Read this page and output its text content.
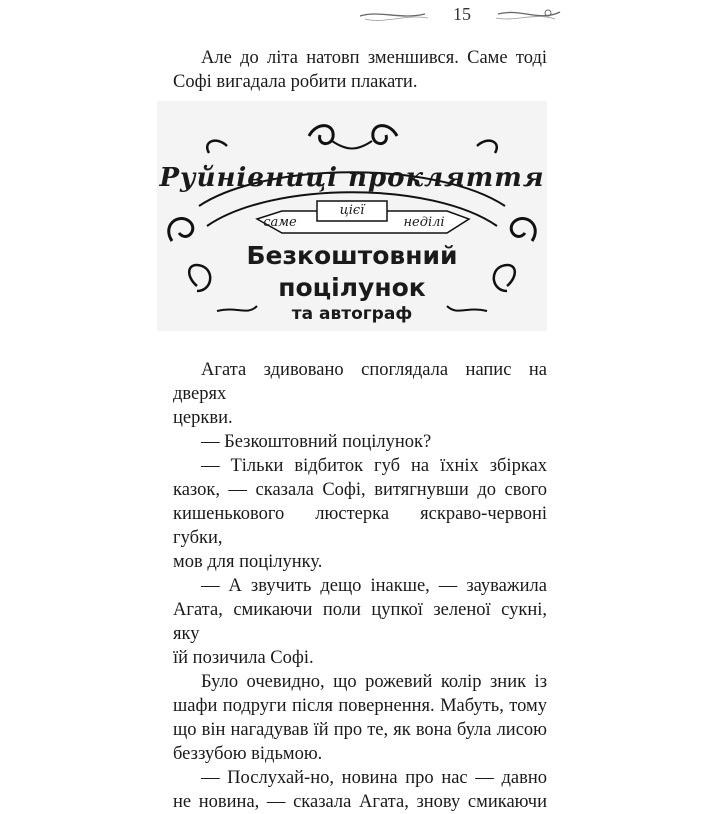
15

Але до літа натовп зменшився. Саме тоді

Софі вигадала робити плакати.

Руйнівниці прокляття
саме
цієї
неділі
Безкоштовний
поцілунок
та автограф

Агата здивовано споглядала напис на дверях

церкви.

— Безкоштовний поцілунок?

— Тільки відбиток губ на їхніх збірках

казок, — сказала Софі, витягнувши до свого

кишенькового люстерка яскраво-червоні губки,

мов для поцілунку.

— А звучить дещо інакше, — зауважила

Агата, смикаючи поли цупкої зеленої сукні, яку

їй позичила Софі.

Було очевидно, що рожевий колір зник із

шафи подруги після повернення. Мабуть, тому

що він нагадував їй про те, як вона була лисою

беззубою відьмою.

— Послухай-но, новина про нас — давно

не новина, — сказала Агата, знову смикаючи
